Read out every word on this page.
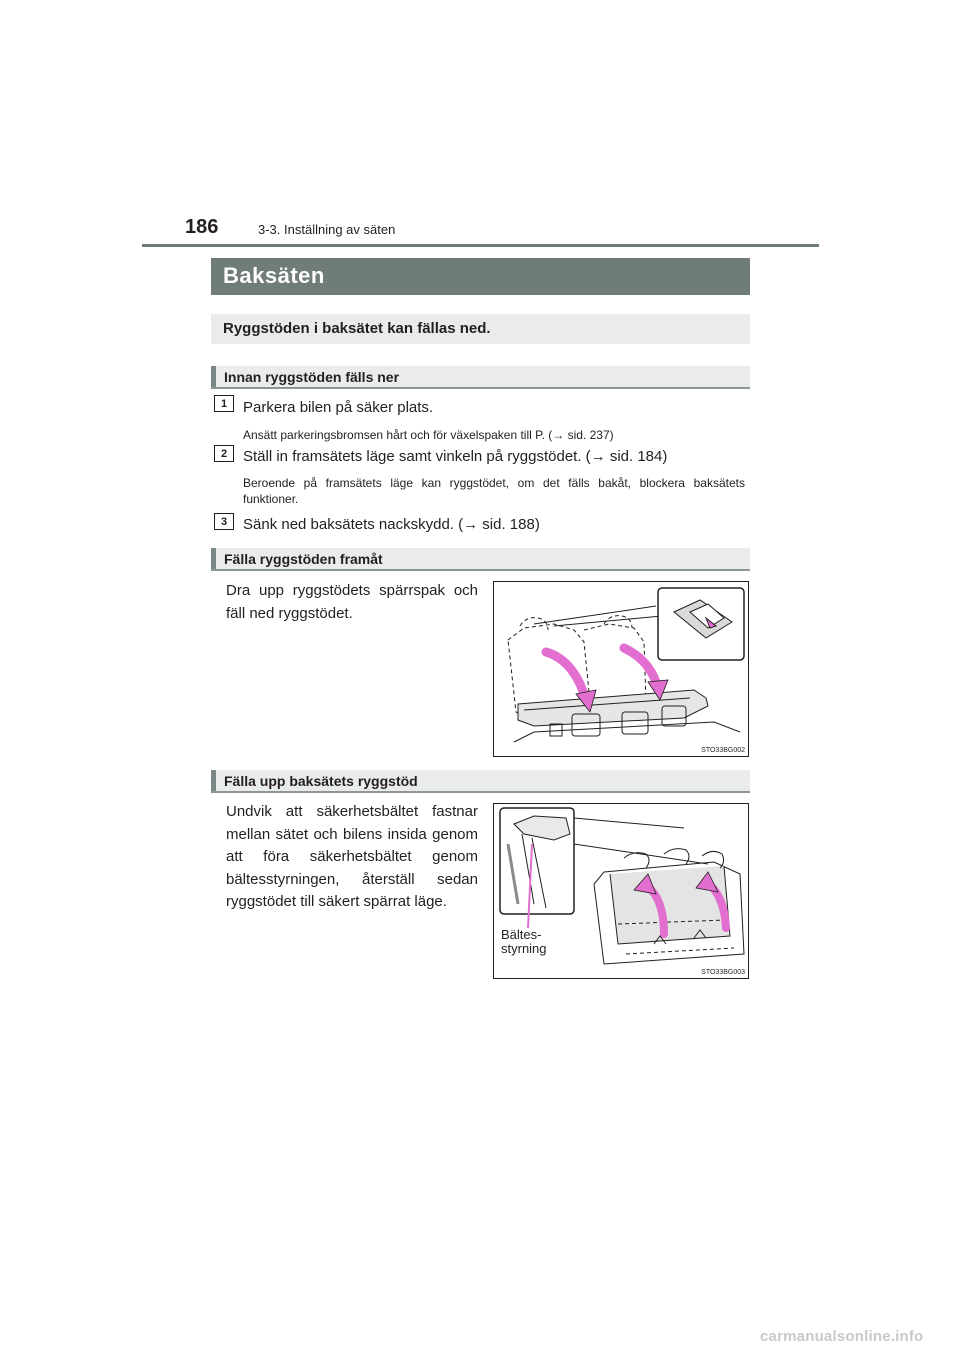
186	3-3. Inställning av säten
Baksäten
Ryggstöden i baksätet kan fällas ned.
Innan ryggstöden fälls ner
1	Parkera bilen på säker plats.
Ansätt parkeringsbromsen hårt och för växelspaken till P. (→ sid. 237)
2	Ställ in framsätets läge samt vinkeln på ryggstödet. (→ sid. 184)
Beroende på framsätets läge kan ryggstödet, om det fälls bakåt, blockera baksätets funktioner.
3	Sänk ned baksätets nackskydd. (→ sid. 188)
Fälla ryggstöden framåt
Dra upp ryggstödets spärrspak och fäll ned ryggstödet.
STO33BG002
Fälla upp baksätets ryggstöd
Undvik att säkerhetsbältet fastnar mellan sätet och bilens insida genom att föra säkerhetsbältet genom bältesstyrningen, återställ sedan ryggstödet till säkert spärrat läge.
Bältes-
styrning
STO33BG003
carmanualsonline.info
